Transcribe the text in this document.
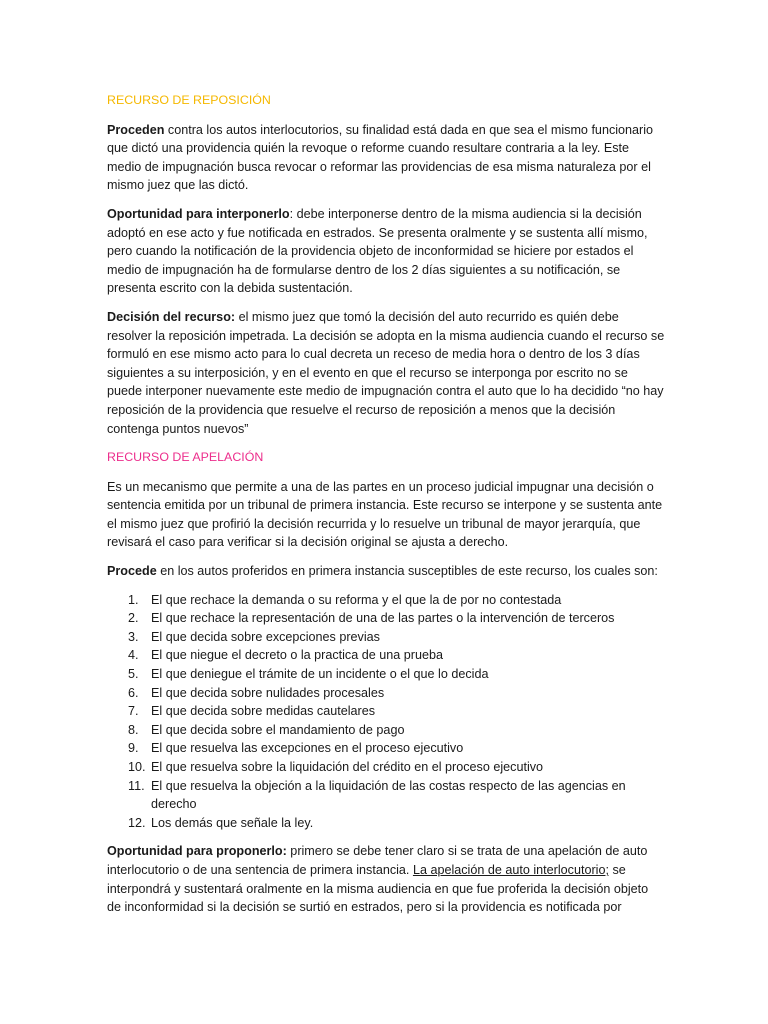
RECURSO DE REPOSICIÓN

Proceden contra los autos interlocutorios, su finalidad está dada en que sea el mismo funcionario que dictó una providencia quién la revoque o reforme cuando resultare contraria a la ley. Este medio de impugnación busca revocar o reformar las providencias de esa misma naturaleza por el mismo juez que las dictó.

Oportunidad para interponerlo: debe interponerse dentro de la misma audiencia si la decisión adoptó en ese acto y fue notificada en estrados. Se presenta oralmente y se sustenta allí mismo, pero cuando la notificación de la providencia objeto de inconformidad se hiciere por estados el medio de impugnación ha de formularse dentro de los 2 días siguientes a su notificación, se presenta escrito con la debida sustentación.

Decisión del recurso: el mismo juez que tomó la decisión del auto recurrido es quién debe resolver la reposición impetrada. La decisión se adopta en la misma audiencia cuando el recurso se formuló en ese mismo acto para lo cual decreta un receso de media hora o dentro de los 3 días siguientes a su interposición, y en el evento en que el recurso se interponga por escrito no se puede interponer nuevamente este medio de impugnación contra el auto que lo ha decidido “no hay reposición de la providencia que resuelve el recurso de reposición a menos que la decisión contenga puntos nuevos”

RECURSO DE APELACIÓN

Es un mecanismo que permite a una de las partes en un proceso judicial impugnar una decisión o sentencia emitida por un tribunal de primera instancia. Este recurso se interpone y se sustenta ante el mismo juez que profirió la decisión recurrida y lo resuelve un tribunal de mayor jerarquía, que revisará el caso para verificar si la decisión original se ajusta a derecho.

Procede en los autos proferidos en primera instancia susceptibles de este recurso, los cuales son:

1. El que rechace la demanda o su reforma y el que la de por no contestada
2. El que rechace la representación de una de las partes o la intervención de terceros
3. El que decida sobre excepciones previas
4. El que niegue el decreto o la practica de una prueba
5. El que deniegue el trámite de un incidente o el que lo decida
6. El que decida sobre nulidades procesales
7. El que decida sobre medidas cautelares
8. El que decida sobre el mandamiento de pago
9. El que resuelva las excepciones en el proceso ejecutivo
10. El que resuelva sobre la liquidación del crédito en el proceso ejecutivo
11. El que resuelva la objeción a la liquidación de las costas respecto de las agencias en derecho
12. Los demás que señale la ley.

Oportunidad para proponerlo: primero se debe tener claro si se trata de una apelación de auto interlocutorio o de una sentencia de primera instancia. La apelación de auto interlocutorio; se interpondrá y sustentará oralmente en la misma audiencia en que fue proferida la decisión objeto de inconformidad si la decisión se surtió en estrados, pero si la providencia es notificada por
